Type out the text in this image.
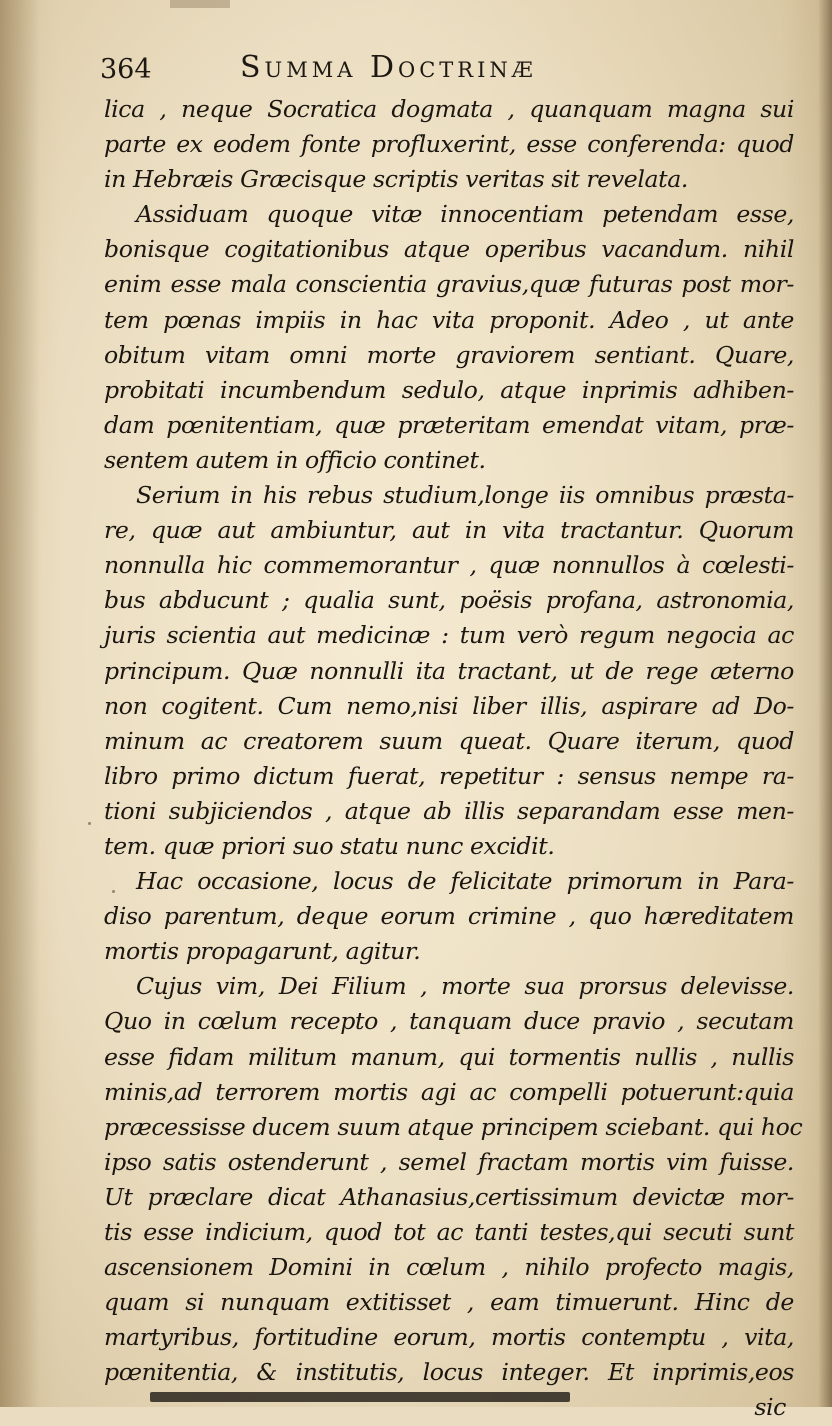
364	Summa Doctrinæ
lica , neque Socratica dogmata , quanquam magna sui
parte ex eodem fonte profluxerint, esse conferenda: quod
in Hebræis Græcisque scriptis veritas sit revelata.
Assiduam quoque vitæ innocentiam petendam esse,
bonisque cogitationibus atque operibus vacandum. nihil
enim esse mala conscientia gravius,quæ futuras post mor-
tem pœnas impiis in hac vita proponit. Adeo , ut ante
obitum vitam omni morte graviorem sentiant. Quare,
probitati incumbendum sedulo, atque inprimis adhiben-
dam pœnitentiam, quæ præteritam emendat vitam, præ-
sentem autem in officio continet.
Serium in his rebus studium,longe iis omnibus præsta-
re, quæ aut ambiuntur, aut in vita tractantur. Quorum
nonnulla hic commemorantur , quæ nonnullos à cœlesti-
bus abducunt ; qualia sunt, poësis profana, astronomia,
juris scientia aut medicinæ : tum verò regum negocia ac
principum. Quæ nonnulli ita tractant, ut de rege æterno
non cogitent. Cum nemo,nisi liber illis, aspirare ad Do-
minum ac creatorem suum queat. Quare iterum, quod
libro primo dictum fuerat, repetitur : sensus nempe ra-
tioni subjiciendos , atque ab illis separandam esse men-
tem. quæ priori suo statu nunc excidit.
Hac occasione, locus de felicitate primorum in Para-
diso parentum, deque eorum crimine , quo hæreditatem
mortis propagarunt, agitur.
Cujus vim, Dei Filium , morte sua prorsus delevisse.
Quo in cœlum recepto , tanquam duce pravio , secutam
esse fidam militum manum, qui tormentis nullis , nullis
minis,ad terrorem mortis agi ac compelli potuerunt:quia
præcessisse ducem suum atque principem sciebant. qui hoc
ipso satis ostenderunt , semel fractam mortis vim fuisse.
Ut præclare dicat Athanasius,certissimum devictæ mor-
tis esse indicium, quod tot ac tanti testes,qui secuti sunt
ascensionem Domini in cœlum , nihilo profecto magis,
quam si nunquam extitisset , eam timuerunt. Hinc de
martyribus, fortitudine eorum, mortis contemptu , vita,
pœnitentia, & institutis, locus integer. Et inprimis,eos
sic
